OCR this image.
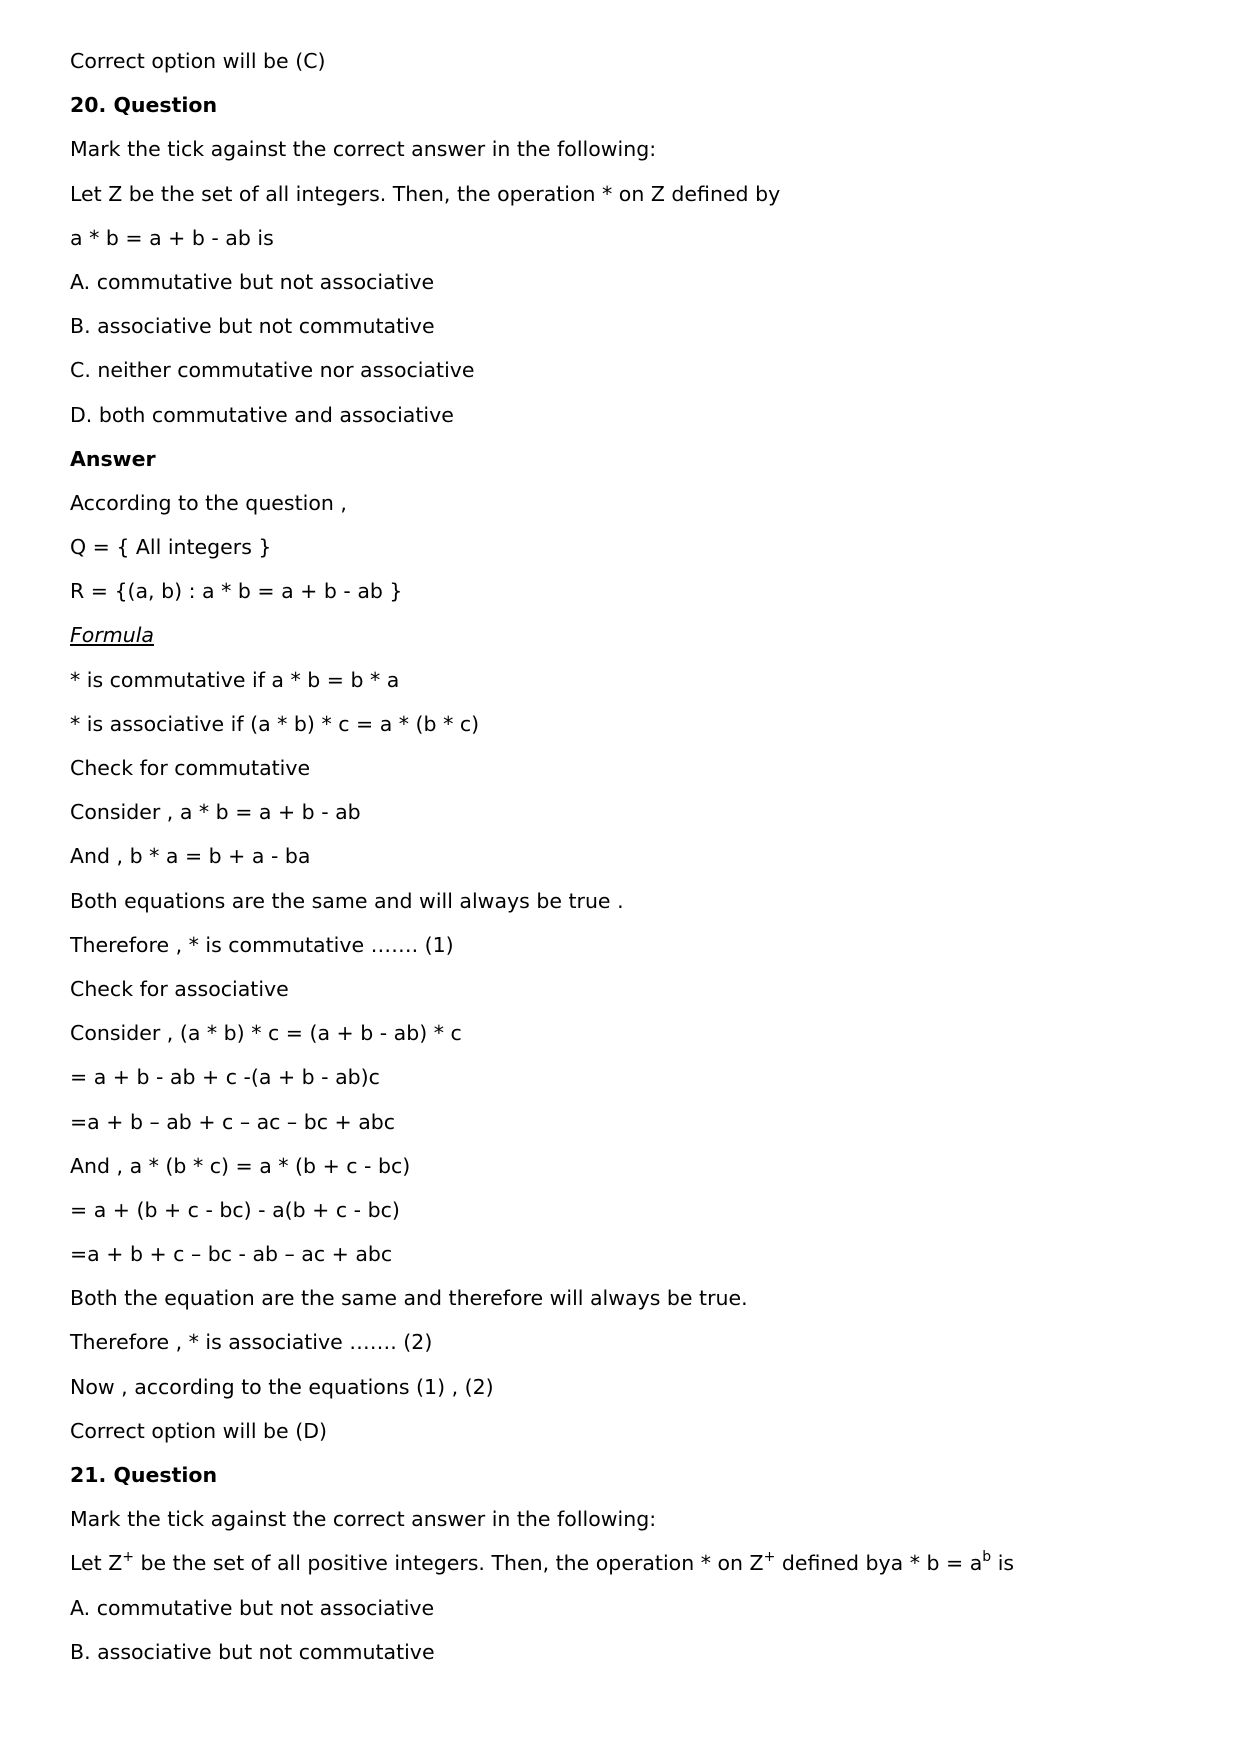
Correct option will be (C)
20. Question
Mark the tick against the correct answer in the following:
Let Z be the set of all integers. Then, the operation * on Z defined by
a * b = a + b - ab is
A. commutative but not associative
B. associative but not commutative
C. neither commutative nor associative
D. both commutative and associative
Answer
According to the question ,
Q = { All integers }
R = {(a, b) : a * b = a + b - ab }
Formula
* is commutative if a * b = b * a
* is associative if (a * b) * c = a * (b * c)
Check for commutative
Consider , a * b = a + b - ab
And , b * a = b + a - ba
Both equations are the same and will always be true .
Therefore , * is commutative ……. (1)
Check for associative
Consider , (a * b) * c = (a + b - ab) * c
= a + b - ab + c -(a + b - ab)c
=a + b – ab + c – ac – bc + abc
And , a * (b * c) = a * (b + c - bc)
= a + (b + c - bc) - a(b + c - bc)
=a + b + c – bc - ab – ac + abc
Both the equation are the same and therefore will always be true.
Therefore , * is associative ……. (2)
Now , according to the equations (1) , (2)
Correct option will be (D)
21. Question
Mark the tick against the correct answer in the following:
Let Z+ be the set of all positive integers. Then, the operation * on Z+ defined bya * $b = a^b$ is
A. commutative but not associative
B. associative but not commutative
